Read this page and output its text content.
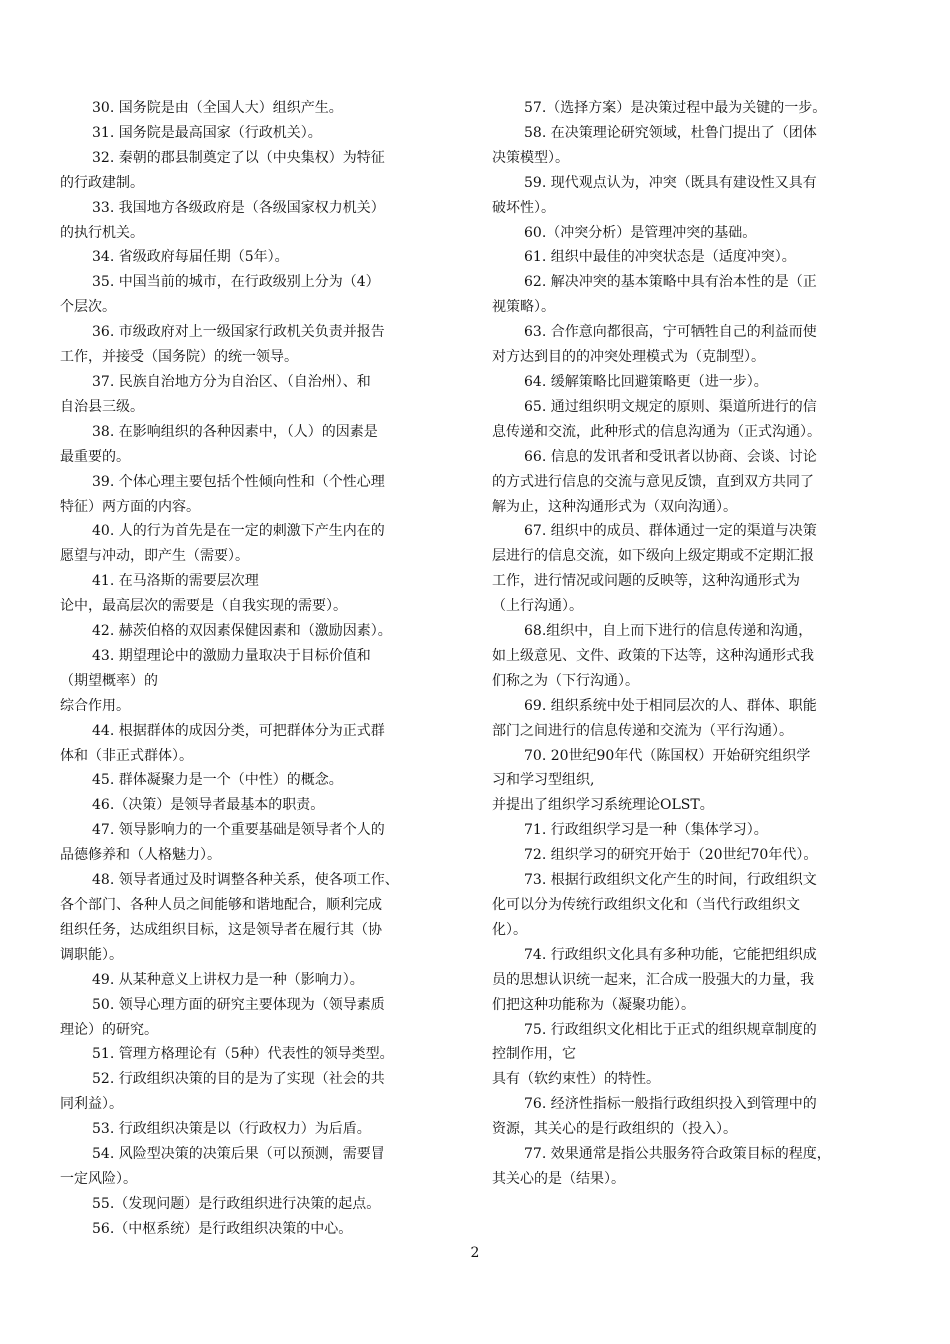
30. 国务院是由（全国人大）组织产生。
31. 国务院是最高国家（行政机关）。
32. 秦朝的郡县制奠定了以（中央集权）为特征
的行政建制。
33. 我国地方各级政府是（各级国家权力机关）
的执行机关。
34. 省级政府每届任期（5年）。
35. 中国当前的城市，在行政级别上分为（4）
个层次。
36. 市级政府对上一级国家行政机关负责并报告
工作，并接受（国务院）的统一领导。
37. 民族自治地方分为自治区、（自治州）、和
自治县三级。
38. 在影响组织的各种因素中，（人）的因素是
最重要的。
39. 个体心理主要包括个性倾向性和（个性心理
特征）两方面的内容。
40. 人的行为首先是在一定的刺激下产生内在的
愿望与冲动，即产生（需要）。
41. 在马洛斯的需要层次理
论中，最高层次的需要是（自我实现的需要）。
42. 赫茨伯格的双因素保健因素和（激励因素）。
43. 期望理论中的激励力量取决于目标价值和
（期望概率）的
综合作用。
44. 根据群体的成因分类，可把群体分为正式群
体和（非正式群体）。
45. 群体凝聚力是一个（中性）的概念。
46.（决策）是领导者最基本的职责。
47. 领导影响力的一个重要基础是领导者个人的
品德修养和（人格魅力）。
48. 领导者通过及时调整各种关系，使各项工作、
各个部门、各种人员之间能够和谐地配合，顺利完成
组织任务，达成组织目标，这是领导者在履行其（协
调职能）。
49. 从某种意义上讲权力是一种（影响力）。
50. 领导心理方面的研究主要体现为（领导素质
理论）的研究。
51. 管理方格理论有（5种）代表性的领导类型。
52. 行政组织决策的目的是为了实现（社会的共
同利益）。
53. 行政组织决策是以（行政权力）为后盾。
54. 风险型决策的决策后果（可以预测，需要冒
一定风险）。
55.（发现问题）是行政组织进行决策的起点。
56.（中枢系统）是行政组织决策的中心。
57.（选择方案）是决策过程中最为关键的一步。
58. 在决策理论研究领域，杜鲁门提出了（团体
决策模型）。
59. 现代观点认为，冲突（既具有建设性又具有
破坏性）。
60.（冲突分析）是管理冲突的基础。
61. 组织中最佳的冲突状态是（适度冲突）。
62. 解决冲突的基本策略中具有治本性的是（正
视策略）。
63. 合作意向都很高，宁可牺牲自己的利益而使
对方达到目的的冲突处理模式为（克制型）。
64. 缓解策略比回避策略更（进一步）。
65. 通过组织明文规定的原则、渠道所进行的信
息传递和交流，此种形式的信息沟通为（正式沟通）。
66. 信息的发讯者和受讯者以协商、会谈、讨论
的方式进行信息的交流与意见反馈，直到双方共同了
解为止，这种沟通形式为（双向沟通）。
67. 组织中的成员、群体通过一定的渠道与决策
层进行的信息交流，如下级向上级定期或不定期汇报
工作，进行情况或问题的反映等，这种沟通形式为
（上行沟通）。
68.组织中，自上而下进行的信息传递和沟通，
如上级意见、文件、政策的下达等，这种沟通形式我
们称之为（下行沟通）。
69. 组织系统中处于相同层次的人、群体、职能
部门之间进行的信息传递和交流为（平行沟通）。
70. 20世纪90年代（陈国权）开始研究组织学
习和学习型组织,
并提出了组织学习系统理论OLST。
71. 行政组织学习是一种（集体学习）。
72. 组织学习的研究开始于（20世纪70年代）。
73. 根据行政组织文化产生的时间，行政组织文
化可以分为传统行政组织文化和（当代行政组织文
化）。
74. 行政组织文化具有多种功能，它能把组织成
员的思想认识统一起来，汇合成一股强大的力量，我
们把这种功能称为（凝聚功能）。
75. 行政组织文化相比于正式的组织规章制度的
控制作用，它
具有（软约束性）的特性。
76. 经济性指标一般指行政组织投入到管理中的
资源，其关心的是行政组织的（投入）。
77. 效果通常是指公共服务符合政策目标的程度，
其关心的是（结果）。
2
